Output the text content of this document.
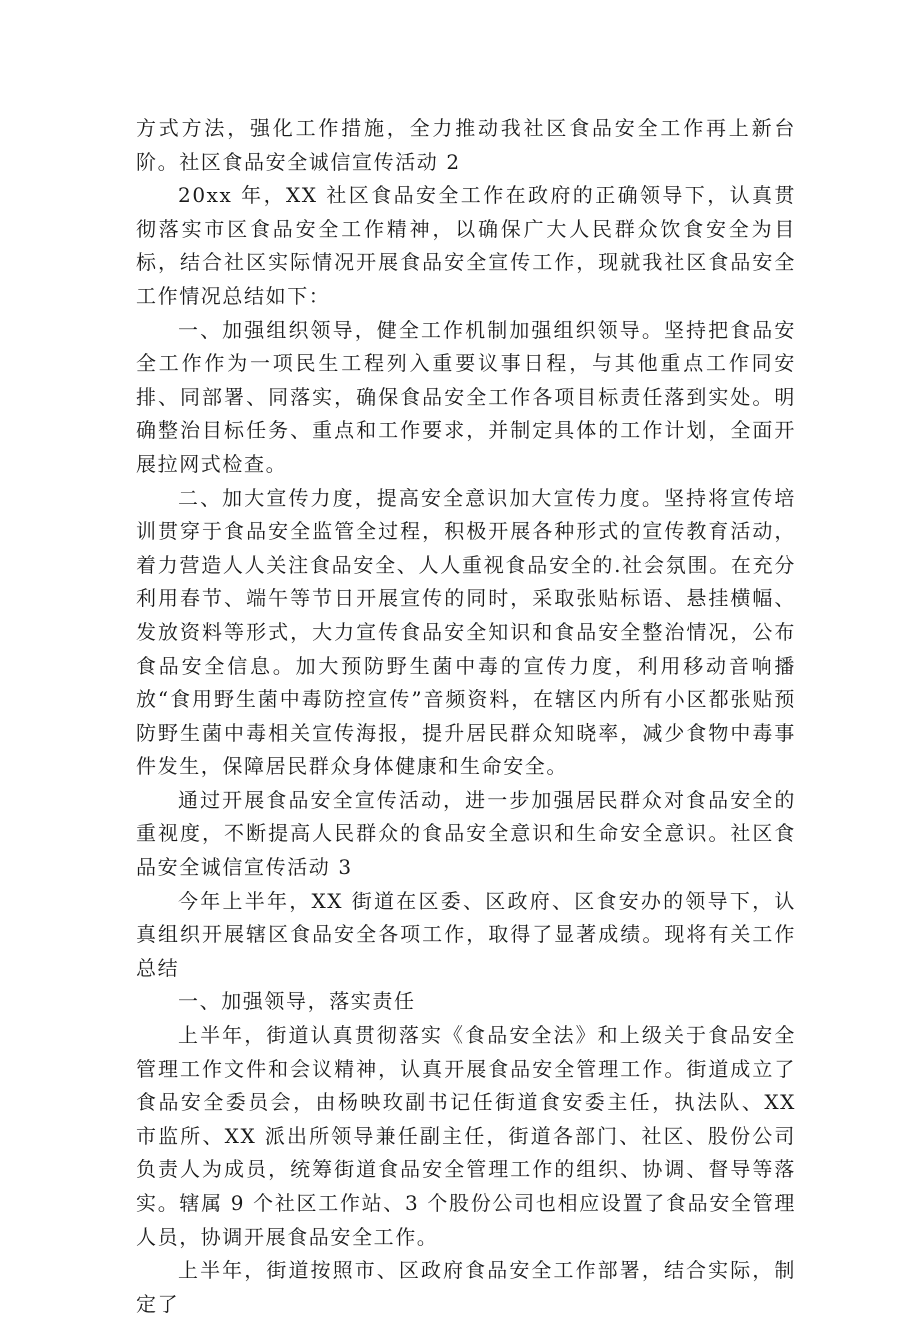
方式方法，强化工作措施，全力推动我社区食品安全工作再上新台阶。社区食品安全诚信宣传活动 2

20xx 年，XX 社区食品安全工作在政府的正确领导下，认真贯彻落实市区食品安全工作精神，以确保广大人民群众饮食安全为目标，结合社区实际情况开展食品安全宣传工作，现就我社区食品安全工作情况总结如下：

一、加强组织领导，健全工作机制加强组织领导。坚持把食品安全工作作为一项民生工程列入重要议事日程，与其他重点工作同安排、同部署、同落实，确保食品安全工作各项目标责任落到实处。明确整治目标任务、重点和工作要求，并制定具体的工作计划，全面开展拉网式检查。

二、加大宣传力度，提高安全意识加大宣传力度。坚持将宣传培训贯穿于食品安全监管全过程，积极开展各种形式的宣传教育活动，着力营造人人关注食品安全、人人重视食品安全的.社会氛围。在充分利用春节、端午等节日开展宣传的同时，采取张贴标语、悬挂横幅、发放资料等形式，大力宣传食品安全知识和食品安全整治情况，公布食品安全信息。加大预防野生菌中毒的宣传力度，利用移动音响播放“食用野生菌中毒防控宣传”音频资料，在辖区内所有小区都张贴预防野生菌中毒相关宣传海报，提升居民群众知晓率，减少食物中毒事件发生，保障居民群众身体健康和生命安全。

通过开展食品安全宣传活动，进一步加强居民群众对食品安全的重视度，不断提高人民群众的食品安全意识和生命安全意识。社区食品安全诚信宣传活动 3

今年上半年，XX 街道在区委、区政府、区食安办的领导下，认真组织开展辖区食品安全各项工作，取得了显著成绩。现将有关工作总结

一、加强领导，落实责任

上半年，街道认真贯彻落实《食品安全法》和上级关于食品安全管理工作文件和会议精神，认真开展食品安全管理工作。街道成立了食品安全委员会，由杨映玫副书记任街道食安委主任，执法队、XX 市监所、XX 派出所领导兼任副主任，街道各部门、社区、股份公司负责人为成员，统筹街道食品安全管理工作的组织、协调、督导等落实。辖属 9 个社区工作站、3 个股份公司也相应设置了食品安全管理人员，协调开展食品安全工作。

上半年，街道按照市、区政府食品安全工作部署，结合实际，制定了
